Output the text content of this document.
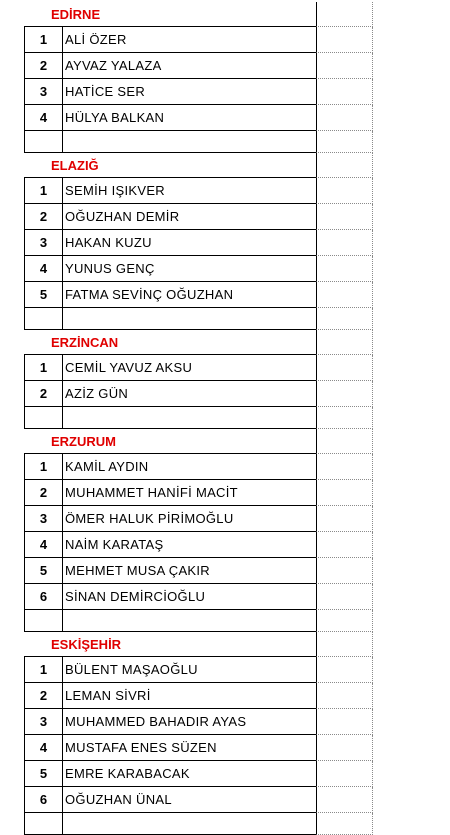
EDİRNE
1	ALİ ÖZER
2	AYVAZ YALAZA
3	HATİCE SER
4	HÜLYA BALKAN
ELAZIĞ
1	SEMİH IŞIKVER
2	OĞUZHAN DEMİR
3	HAKAN KUZU
4	YUNUS GENÇ
5	FATMA SEVİNÇ OĞUZHAN
ERZİNCAN
1	CEMİL YAVUZ AKSU
2	AZİZ GÜN
ERZURUM
1	KAMİL AYDIN
2	MUHAMMET HANİFİ MACİT
3	ÖMER HALUK PİRİMOĞLU
4	NAİM KARATAŞ
5	MEHMET MUSA ÇAKIR
6	SİNAN DEMİRCİOĞLU
ESKİŞEHİR
1	BÜLENT MAŞAOĞLU
2	LEMAN SİVRİ
3	MUHAMMED BAHADIR AYAS
4	MUSTAFA ENES SÜZEN
5	EMRE KARABACAK
6	OĞUZHAN ÜNAL
